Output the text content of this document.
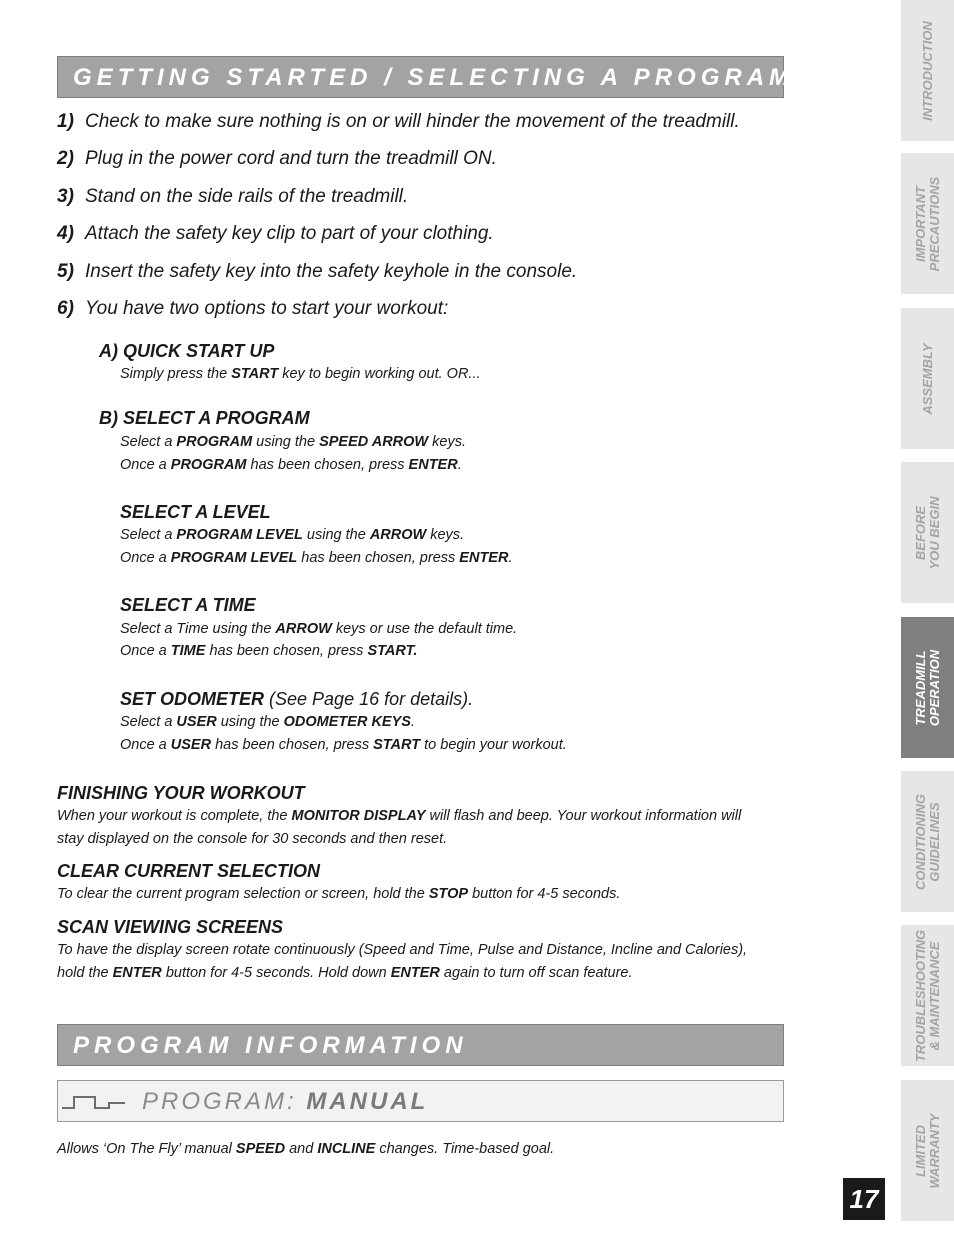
GETTING STARTED / SELECTING A PROGRAM
1) Check to make sure nothing is on or will hinder the movement of the treadmill.
2) Plug in the power cord and turn the treadmill ON.
3) Stand on the side rails of the treadmill.
4) Attach the safety key clip to part of your clothing.
5) Insert the safety key into the safety keyhole in the console.
6) You have two options to start your workout:
A) QUICK START UP
Simply press the START key to begin working out. OR...
B) SELECT A PROGRAM
Select a PROGRAM using the SPEED ARROW keys.
Once a PROGRAM has been chosen, press ENTER.
SELECT A LEVEL
Select a PROGRAM LEVEL using the ARROW keys.
Once a PROGRAM LEVEL has been chosen, press ENTER.
SELECT A TIME
Select a Time using the ARROW keys or use the default time.
Once a TIME has been chosen, press START.
SET ODOMETER (See Page 16 for details).
Select a USER using the ODOMETER KEYS.
Once a USER has been chosen, press START to begin your workout.
FINISHING YOUR WORKOUT
When your workout is complete, the MONITOR DISPLAY will flash and beep. Your workout information will
stay displayed on the console for 30 seconds and then reset.
CLEAR CURRENT SELECTION
To clear the current program selection or screen, hold the STOP button for 4-5 seconds.
SCAN VIEWING SCREENS
To have the display screen rotate continuously (Speed and Time, Pulse and Distance, Incline and Calories),
hold the ENTER button for 4-5 seconds. Hold down ENTER again to turn off scan feature.
PROGRAM INFORMATION
PROGRAM: MANUAL
Allows ‘On The Fly’ manual SPEED and INCLINE changes. Time-based goal.
INTRODUCTION
IMPORTANT PRECAUTIONS
ASSEMBLY
BEFORE YOU BEGIN
TREADMILL OPERATION
CONDITIONING GUIDELINES
TROUBLESHOOTING & MAINTENANCE
LIMITED WARRANTY
17
